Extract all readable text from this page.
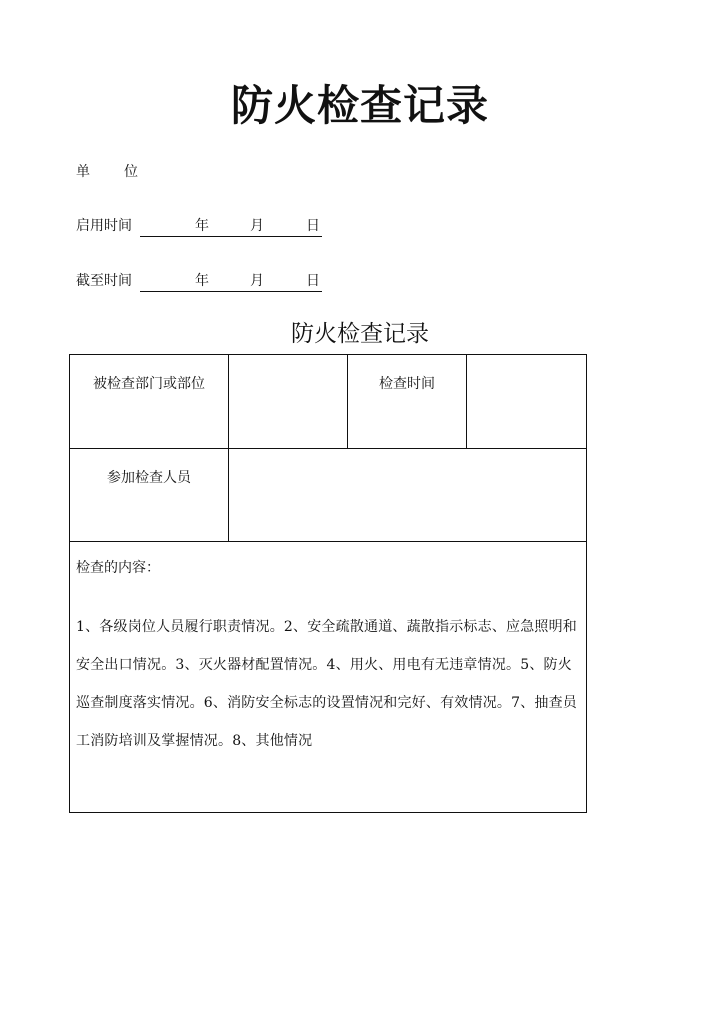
防火检查记录
单 位
启用时间	年	月	日
截至时间	年	月	日
防火检查记录
被检查部门或部位		检查时间	
参加检查人员			

检查的内容：
1、各级岗位人员履行职责情况。2、安全疏散通道、蔬散指示标志、应急照明和安全出口情况。3、灭火器材配置情况。4、用火、用电有无违章情况。5、防火巡查制度落实情况。6、消防安全标志的设置情况和完好、有效情况。7、抽查员工消防培训及掌握情况。8、其他情况			
